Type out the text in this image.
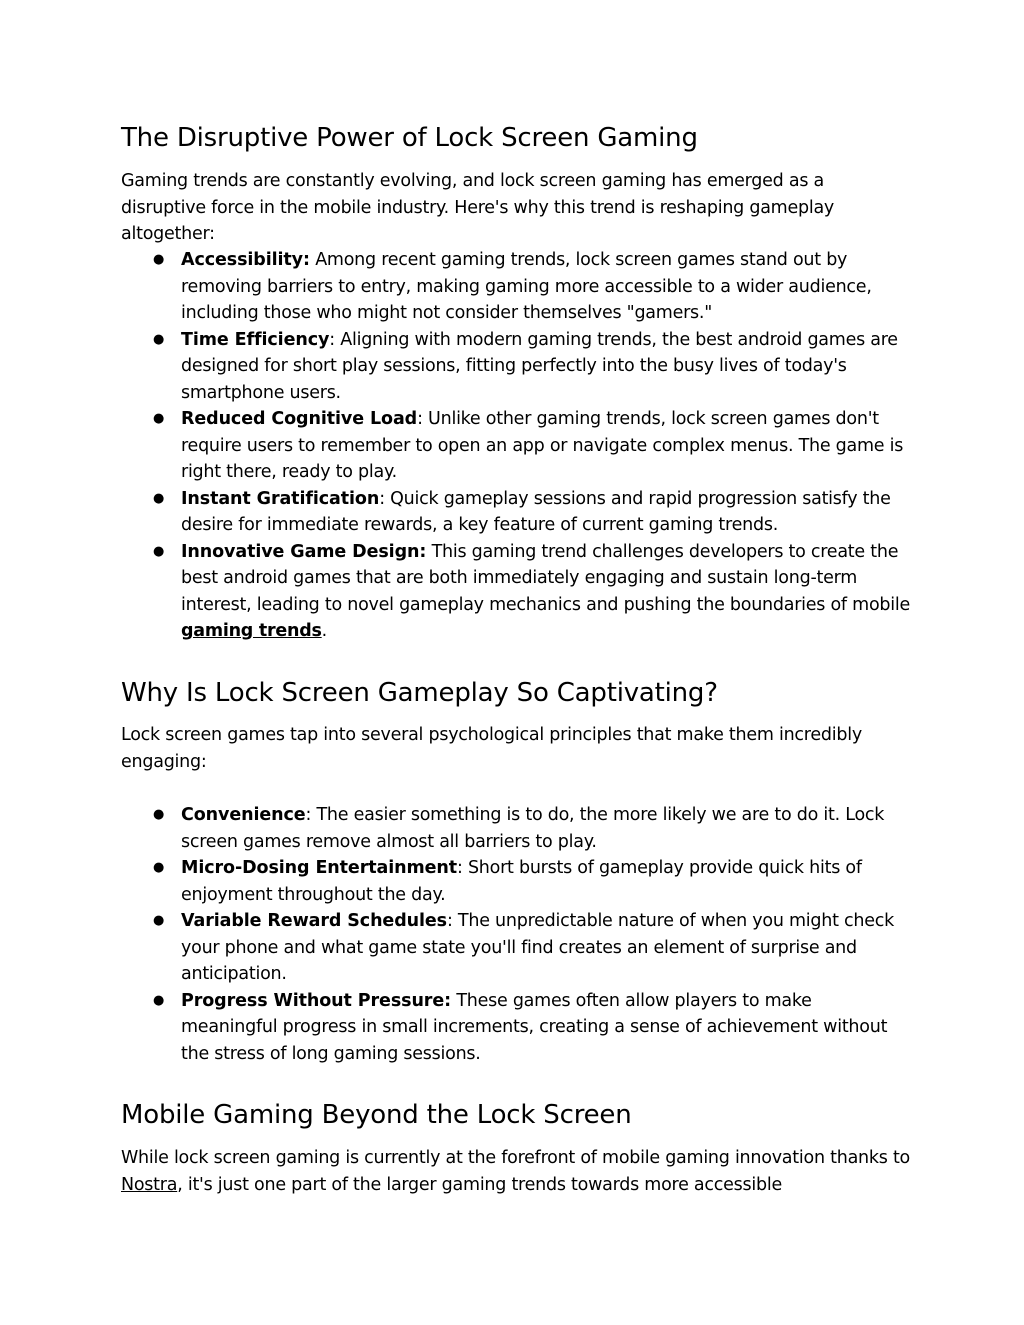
The Disruptive Power of Lock Screen Gaming

Gaming trends are constantly evolving, and lock screen gaming has emerged as a disruptive force in the mobile industry. Here's why this trend is reshaping gameplay altogether:

● Accessibility: Among recent gaming trends, lock screen games stand out by removing barriers to entry, making gaming more accessible to a wider audience, including those who might not consider themselves "gamers."
● Time Efficiency: Aligning with modern gaming trends, the best android games are designed for short play sessions, fitting perfectly into the busy lives of today's smartphone users.
● Reduced Cognitive Load: Unlike other gaming trends, lock screen games don't require users to remember to open an app or navigate complex menus. The game is right there, ready to play.
● Instant Gratification: Quick gameplay sessions and rapid progression satisfy the desire for immediate rewards, a key feature of current gaming trends.
● Innovative Game Design: This gaming trend challenges developers to create the best android games that are both immediately engaging and sustain long-term interest, leading to novel gameplay mechanics and pushing the boundaries of mobile gaming trends.
Why Is Lock Screen Gameplay So Captivating?

Lock screen games tap into several psychological principles that make them incredibly engaging:

● Convenience: The easier something is to do, the more likely we are to do it. Lock screen games remove almost all barriers to play.
● Micro-Dosing Entertainment: Short bursts of gameplay provide quick hits of enjoyment throughout the day.
● Variable Reward Schedules: The unpredictable nature of when you might check your phone and what game state you'll find creates an element of surprise and anticipation.
● Progress Without Pressure: These games often allow players to make meaningful progress in small increments, creating a sense of achievement without the stress of long gaming sessions.
Mobile Gaming Beyond the Lock Screen

While lock screen gaming is currently at the forefront of mobile gaming innovation thanks to Nostra, it's just one part of the larger gaming trends towards more accessible
